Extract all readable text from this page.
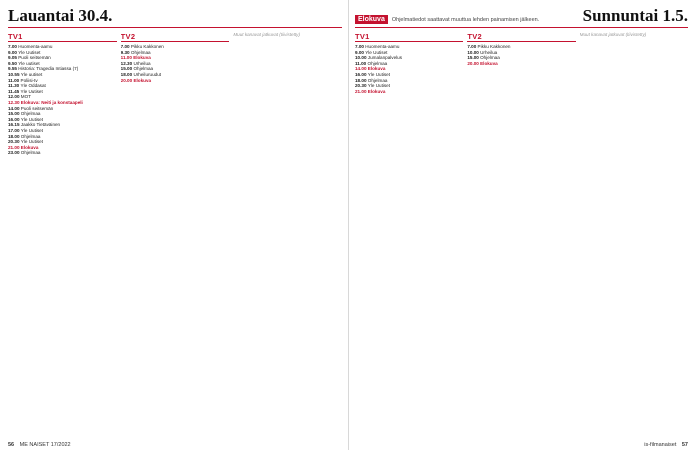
Lauantai 30.4.
TV1
7.00 Huomenta-aamu
9.00 Yle Uutiset
9.05 Puoli seitsemän
9.50 Yle uutiset
9.55 Historia: Tragedia Intiassa (7)
10.55 Yle uutiset
11.00 Poliisi-tv
11.30 Yle Oddasat
11.45 Yle Uutiset
12.00 MOT
12.30 Elokuva: Neiti ja konstaapeli
14.00 Puoli seitsemän
15.00 Ohjelmaa
16.00 Yle Uutiset
16.15 Jaakko Tietäväinen
17.00 Yle Uutiset
18.00 Ohjelmaa
20.30 Yle Uutiset
21.00 Elokuva
23.00 Ohjelmaa
TV2
7.00 Pikku Kakkonen
9.30 Ohjelmaa
11.00 Elokuva
12.30 Urheilua
15.00 Ohjelmaa
18.00 Urheiluruudut
20.00 Elokuva
Muut kanavat jatkuvat (tiivistetty)
56 ME NAISET 17/2022
Elokuva	Ohjelmatiedot saattavat muuttua lehden painamisen jälkeen.	Sunnuntai 1.5.
TV1
7.00 Huomenta-aamu
9.00 Yle Uutiset
10.00 Jumalanpalvelus
11.00 Ohjelmaa
14.00 Elokuva
16.00 Yle Uutiset
18.00 Ohjelmaa
20.30 Yle Uutiset
21.00 Elokuva
TV2
7.00 Pikku Kakkonen
10.00 Urheilua
15.00 Ohjelmaa
20.00 Elokuva
Muut kanavat jatkuvat (tiivistetty)
is-filmanaiset 57
